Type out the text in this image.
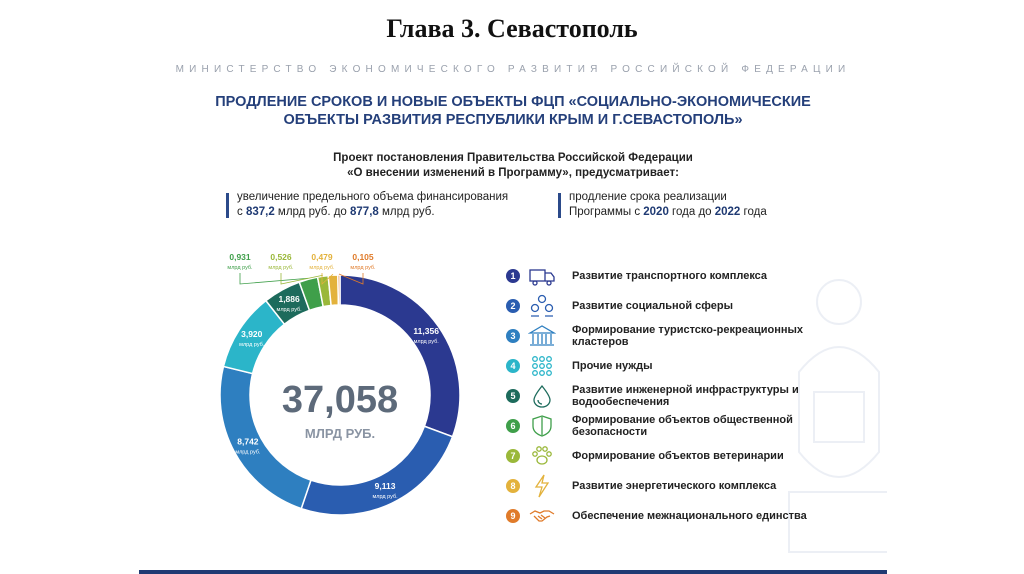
Глава 3. Севастополь
МИНИСТЕРСТВО ЭКОНОМИЧЕСКОГО РАЗВИТИЯ РОССИЙСКОЙ ФЕДЕРАЦИИ
ПРОДЛЕНИЕ СРОКОВ И НОВЫЕ ОБЪЕКТЫ ФЦП «СОЦИАЛЬНО-ЭКОНОМИЧЕСКИЕ
ОБЪЕКТЫ РАЗВИТИЯ РЕСПУБЛИКИ КРЫМ И Г.СЕВАСТОПОЛЬ»
Проект постановления Правительства Российской Федерации
«О внесении изменений в Программу», предусматривает:
увеличение предельного объема финансирования
с 837,2 млрд руб. до 877,8 млрд руб.
продление срока реализации
Программы с 2020 года до 2022 года
11,356
млрд руб.
9,113
млрд руб.
8,742
млрд руб.
3,920
млрд руб.
1,886
млрд руб.
0,931
млрд руб.
0,526
млрд руб.
0,479
млрд руб.
0,105
млрд руб.
37,058
МЛРД РУБ.
1	Развитие транспортного комплекса
2	Развитие социальной сферы
3	Формирование туристско-рекреационных кластеров
4	Прочие нужды
5	Развитие инженерной инфраструктуры и водообеспечения
6	Формирование объектов общественной безопасности
7	Формирование объектов ветеринарии
8	Развитие энергетического комплекса
9	Обеспечение межнационального единства
